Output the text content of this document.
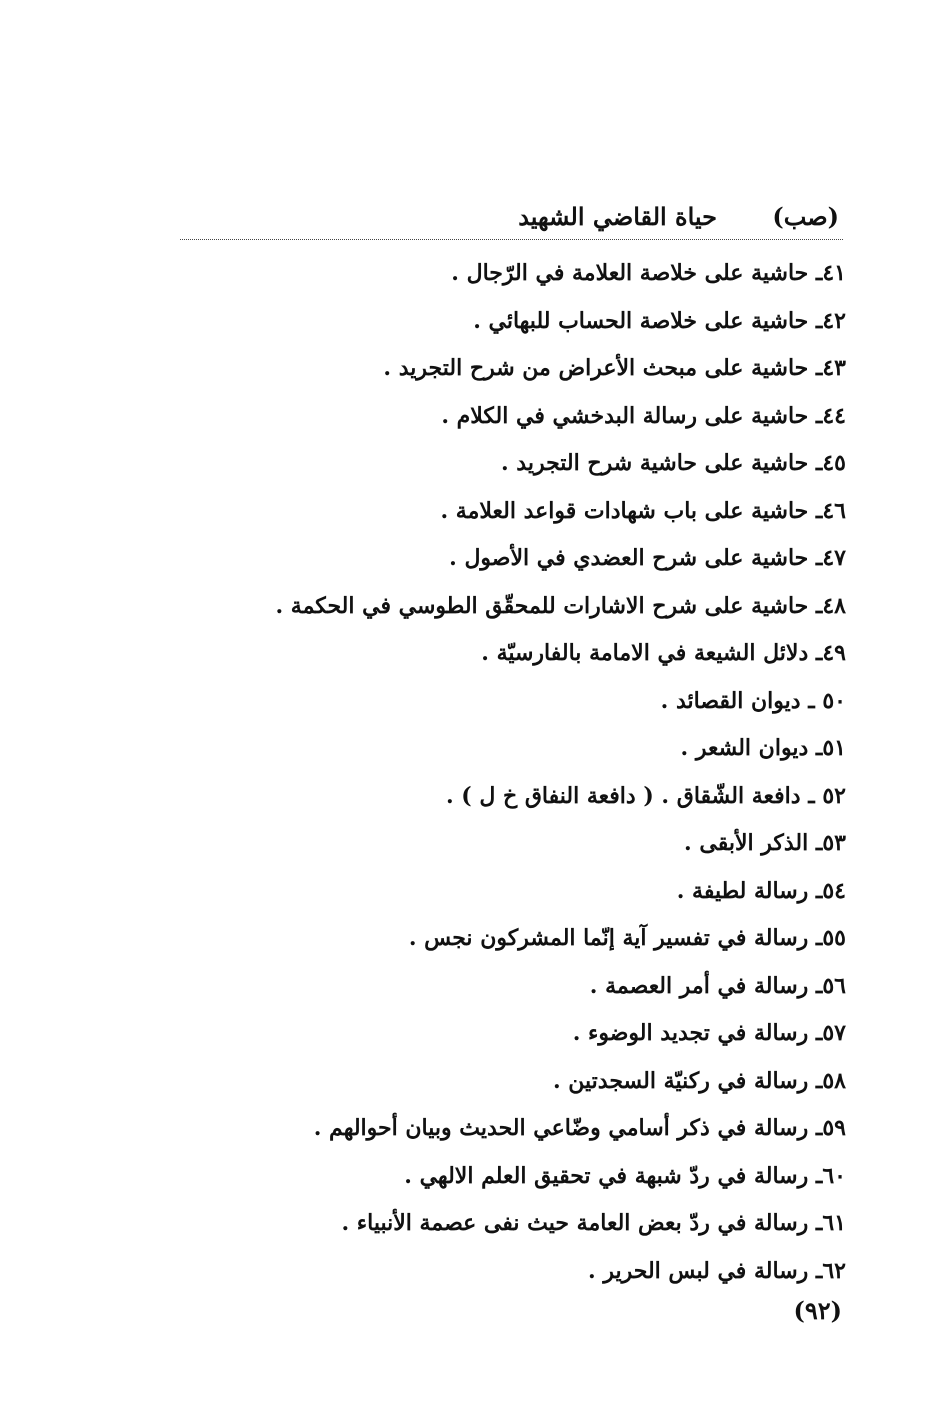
(صب)
حياة القاضي الشهيد
٤١ـ حاشية على خلاصة العلامة في الرّجال .
٤٢ـ حاشية على خلاصة الحساب للبهائي .
٤٣ـ حاشية على مبحث الأعراض من شرح التجريد .
٤٤ـ حاشية على رسالة البدخشي في الكلام .
٤٥ـ حاشية على حاشية شرح التجريد .
٤٦ـ حاشية على باب شهادات قواعد العلامة .
٤٧ـ حاشية على شرح العضدي في الأصول .
٤٨ـ حاشية على شرح الاشارات للمحقّق الطوسي في الحكمة .
٤٩ـ دلائل الشيعة في الامامة بالفارسيّة .
٥٠ ـ ديوان القصائد .
٥١ـ ديوان الشعر .
٥٢ ـ دافعة الشّقاق . ( دافعة النفاق خ ل ) .
٥٣ـ الذكر الأبقى .
٥٤ـ رسالة لطيفة .
٥٥ـ رسالة في تفسير آية إنّما المشركون نجس .
٥٦ـ رسالة في أمر العصمة .
٥٧ـ رسالة في تجديد الوضوء .
٥٨ـ رسالة في ركنيّة السجدتين .
٥٩ـ رسالة في ذكر أسامي وضّاعي الحديث وبيان أحوالهم .
٦٠ـ رسالة في ردّ شبهة في تحقيق العلم الالهي .
٦١ـ رسالة في ردّ بعض العامة حيث نفى عصمة الأنبياء .
٦٢ـ رسالة في لبس الحرير .
(٩٢)
